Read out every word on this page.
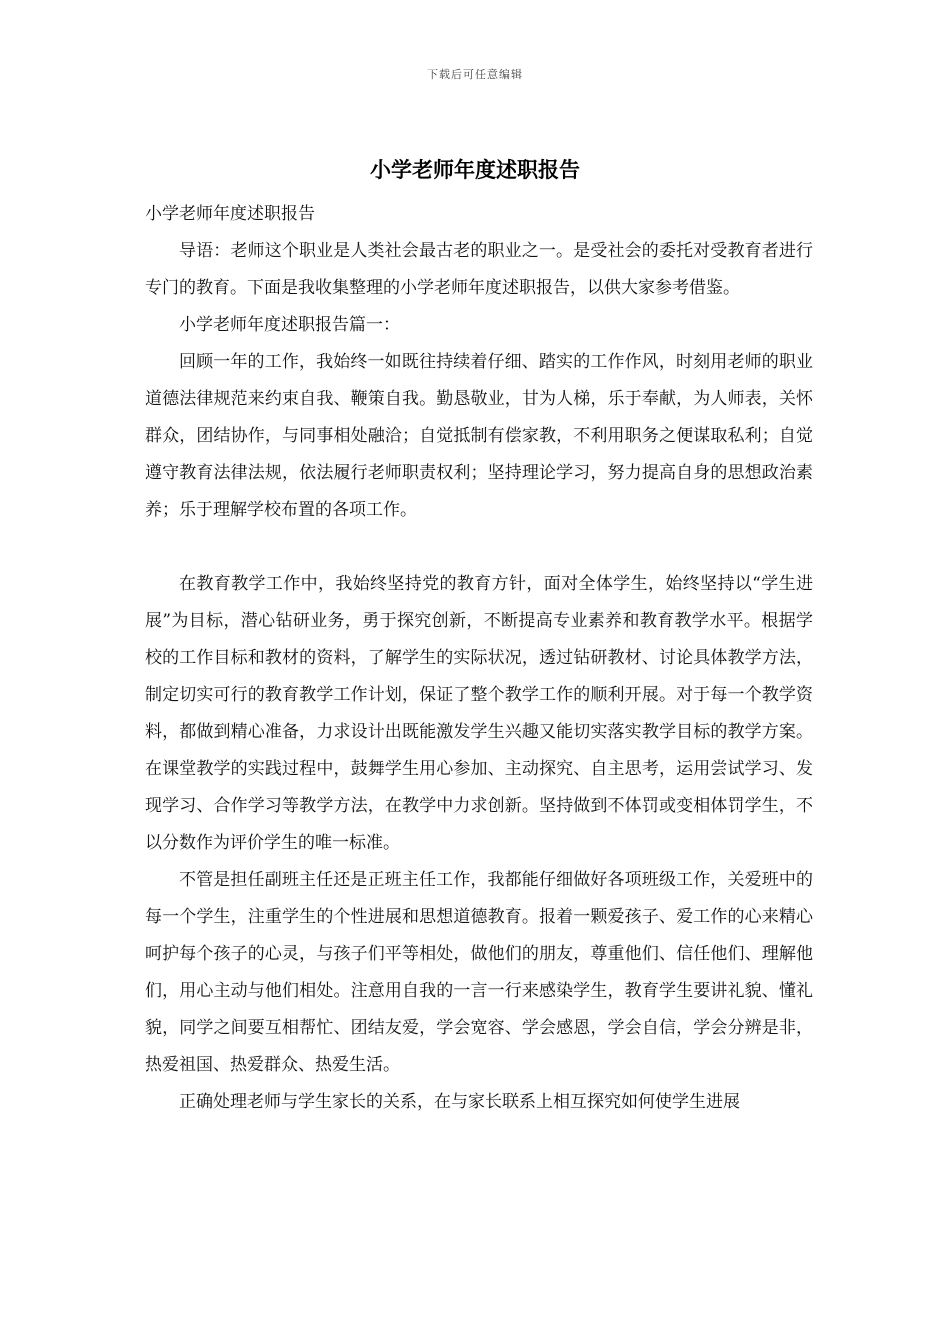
下载后可任意编辑
小学老师年度述职报告

小学老师年度述职报告

导语：老师这个职业是人类社会最古老的职业之一。是受社会的委托对受教育者进行专门的教育。下面是我收集整理的小学老师年度述职报告，以供大家参考借鉴。

小学老师年度述职报告篇一：

回顾一年的工作，我始终一如既往持续着仔细、踏实的工作作风，时刻用老师的职业道德法律规范来约束自我、鞭策自我。勤恳敬业，甘为人梯，乐于奉献，为人师表，关怀群众，团结协作，与同事相处融洽；自觉抵制有偿家教，不利用职务之便谋取私利；自觉遵守教育法律法规，依法履行老师职责权利；坚持理论学习，努力提高自身的思想政治素养；乐于理解学校布置的各项工作。

在教育教学工作中，我始终坚持党的教育方针，面对全体学生，始终坚持以“学生进展”为目标，潜心钻研业务，勇于探究创新，不断提高专业素养和教育教学水平。根据学校的工作目标和教材的资料，了解学生的实际状况，透过钻研教材、讨论具体教学方法，制定切实可行的教育教学工作计划，保证了整个教学工作的顺利开展。对于每一个教学资料，都做到精心准备，力求设计出既能激发学生兴趣又能切实落实教学目标的教学方案。在课堂教学的实践过程中，鼓舞学生用心参加、主动探究、自主思考，运用尝试学习、发现学习、合作学习等教学方法，在教学中力求创新。坚持做到不体罚或变相体罚学生，不以分数作为评价学生的唯一标准。

不管是担任副班主任还是正班主任工作，我都能仔细做好各项班级工作，关爱班中的每一个学生，注重学生的个性进展和思想道德教育。报着一颗爱孩子、爱工作的心来精心呵护每个孩子的心灵，与孩子们平等相处，做他们的朋友，尊重他们、信任他们、理解他们，用心主动与他们相处。注意用自我的一言一行来感染学生，教育学生要讲礼貌、懂礼貌，同学之间要互相帮忙、团结友爱，学会宽容、学会感恩，学会自信，学会分辨是非，热爱祖国、热爱群众、热爱生活。

正确处理老师与学生家长的关系，在与家长联系上相互探究如何使学生进展
